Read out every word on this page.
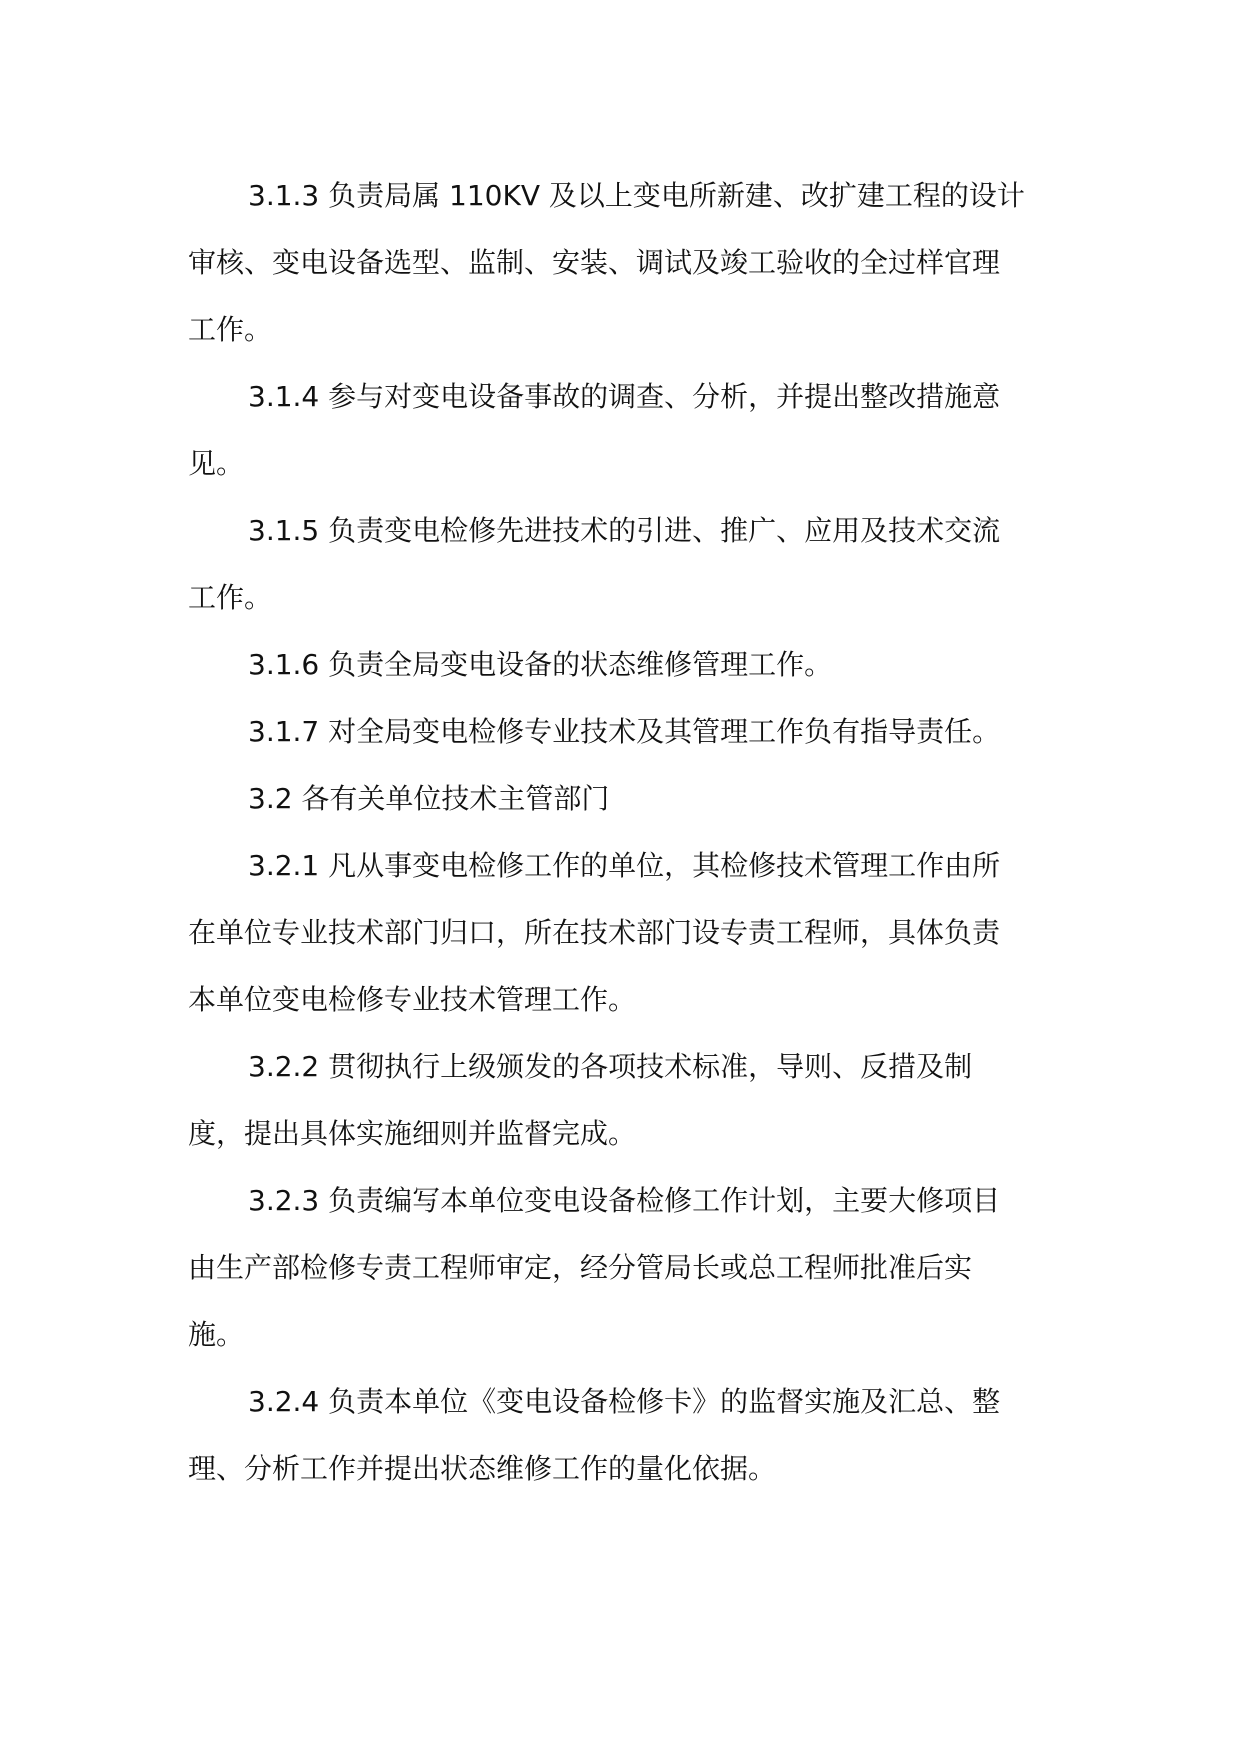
3.1.3 负责局属 110KV 及以上变电所新建、改扩建工程的设计
审核、变电设备选型、监制、安装、调试及竣工验收的全过样官理
工作。

3.1.4 参与对变电设备事故的调查、分析，并提出整改措施意
见。

3.1.5 负责变电检修先进技术的引进、推广、应用及技术交流
工作。

3.1.6 负责全局变电设备的状态维修管理工作。

3.1.7 对全局变电检修专业技术及其管理工作负有指导责任。

3.2 各有关单位技术主管部门

3.2.1 凡从事变电检修工作的单位，其检修技术管理工作由所
在单位专业技术部门归口，所在技术部门设专责工程师，具体负责
本单位变电检修专业技术管理工作。

3.2.2 贯彻执行上级颁发的各项技术标准，导则、反措及制
度，提出具体实施细则并监督完成。

3.2.3 负责编写本单位变电设备检修工作计划，主要大修项目
由生产部检修专责工程师审定，经分管局长或总工程师批准后实
施。

3.2.4 负责本单位《变电设备检修卡》的监督实施及汇总、整
理、分析工作并提出状态维修工作的量化依据。
